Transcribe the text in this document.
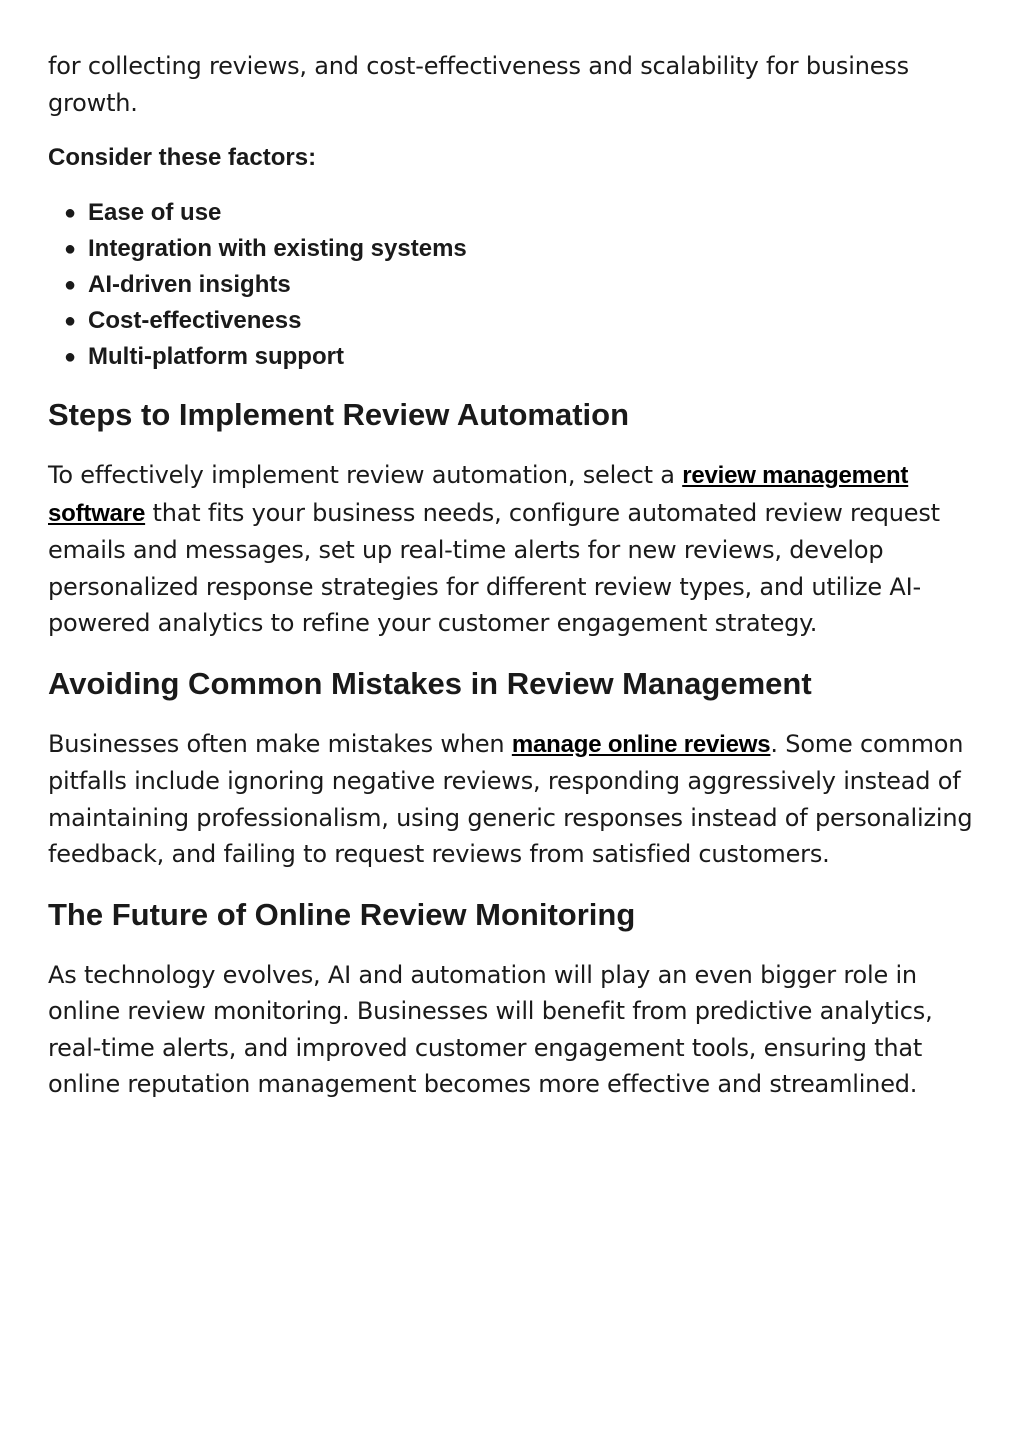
for collecting reviews, and cost-effectiveness and scalability for business growth.

Consider these factors:

● Ease of use
● Integration with existing systems
● AI-driven insights
● Cost-effectiveness
● Multi-platform support
Steps to Implement Review Automation

To effectively implement review automation, select a review management software that fits your business needs, configure automated review request emails and messages, set up real-time alerts for new reviews, develop personalized response strategies for different review types, and utilize AI-powered analytics to refine your customer engagement strategy.

Avoiding Common Mistakes in Review Management

Businesses often make mistakes when manage online reviews. Some common pitfalls include ignoring negative reviews, responding aggressively instead of maintaining professionalism, using generic responses instead of personalizing feedback, and failing to request reviews from satisfied customers.

The Future of Online Review Monitoring

As technology evolves, AI and automation will play an even bigger role in online review monitoring. Businesses will benefit from predictive analytics, real-time alerts, and improved customer engagement tools, ensuring that online reputation management becomes more effective and streamlined.
